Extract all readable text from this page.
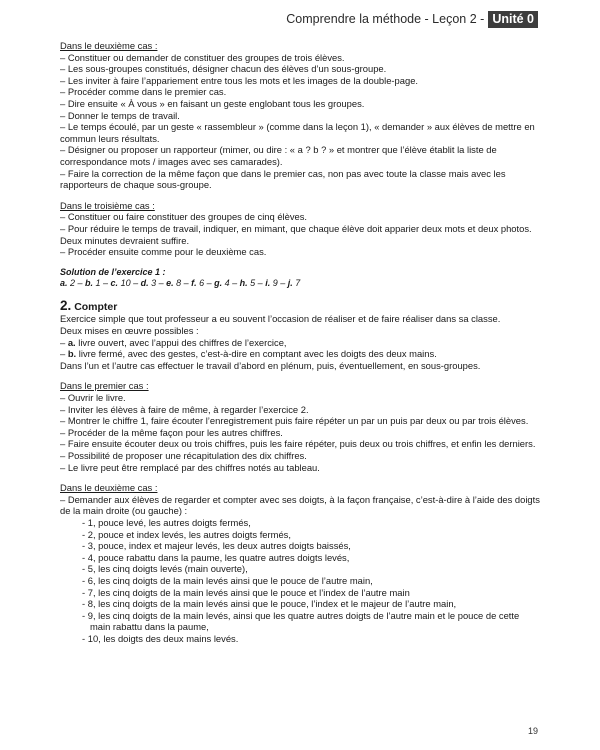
Comprendre la méthode - Leçon 2 - Unité 0

Dans le deuxième cas :

– Constituer ou demander de constituer des groupes de trois élèves.

– Les sous-groupes constitués, désigner chacun des élèves d’un sous-groupe.

– Les inviter à faire l’appariement entre tous les mots et les images de la double-page.

– Procéder comme dans le premier cas.

– Dire ensuite « À vous » en faisant un geste englobant tous les groupes.

– Donner le temps de travail.

– Le temps écoulé, par un geste « rassembleur » (comme dans la leçon 1), « demander » aux élèves de mettre en commun leurs résultats.

– Désigner ou proposer un rapporteur (mimer, ou dire : « a ? b ? » et montrer que l’élève établit la liste de correspondance mots / images avec ses camarades).

– Faire la correction de la même façon que dans le premier cas, non pas avec toute la classe mais avec les rapporteurs de chaque sous-groupe.

Dans le troisième cas :

– Constituer ou faire constituer des groupes de cinq élèves.

– Pour réduire le temps de travail, indiquer, en mimant, que chaque élève doit apparier deux mots et deux photos. Deux minutes devraient suffire.

– Procéder ensuite comme pour le deuxième cas.

Solution de l’exercice 1 :

a. 2 – b. 1 – c. 10 – d. 3 – e. 8 – f. 6 – g. 4 – h. 5 – i. 9 – j. 7

2. Compter

Exercice simple que tout professeur a eu souvent l’occasion de réaliser et de faire réaliser dans sa classe.

Deux mises en œuvre possibles :

– a. livre ouvert, avec l’appui des chiffres de l’exercice,

– b. livre fermé, avec des gestes, c’est-à-dire en comptant avec les doigts des deux mains.

Dans l’un et l’autre cas effectuer le travail d’abord en plénum, puis, éventuellement, en sous-groupes.

Dans le premier cas :

– Ouvrir le livre.

– Inviter les élèves à faire de même, à regarder l’exercice 2.

– Montrer le chiffre 1, faire écouter l’enregistrement puis faire répéter un par un puis par deux ou par trois élèves.

– Procéder de la même façon pour les autres chiffres.

– Faire ensuite écouter deux ou trois chiffres, puis les faire répéter, puis deux ou trois chiffres, et enfin les derniers.

– Possibilité de proposer une récapitulation des dix chiffres.

– Le livre peut être remplacé par des chiffres notés au tableau.

Dans le deuxième cas :

– Demander aux élèves de regarder et compter avec ses doigts, à la façon française, c’est-à-dire à l’aide des doigts de la main droite (ou gauche) :

- 1, pouce levé, les autres doigts fermés,

- 2, pouce et index levés, les autres doigts fermés,

- 3, pouce, index et majeur levés, les deux autres doigts baissés,

- 4, pouce rabattu dans la paume, les quatre autres doigts levés,

- 5, les cinq doigts levés (main ouverte),

- 6, les cinq doigts de la main levés ainsi que le pouce de l’autre main,

- 7, les cinq doigts de la main levés ainsi que le pouce et l’index de l’autre main

- 8, les cinq doigts de la main levés ainsi que le pouce, l’index et le majeur de l’autre main,

- 9, les cinq doigts de la main levés, ainsi que les quatre autres doigts de l’autre main et le pouce de cette main rabattu dans la paume,

- 10, les doigts des deux mains levés.

19
